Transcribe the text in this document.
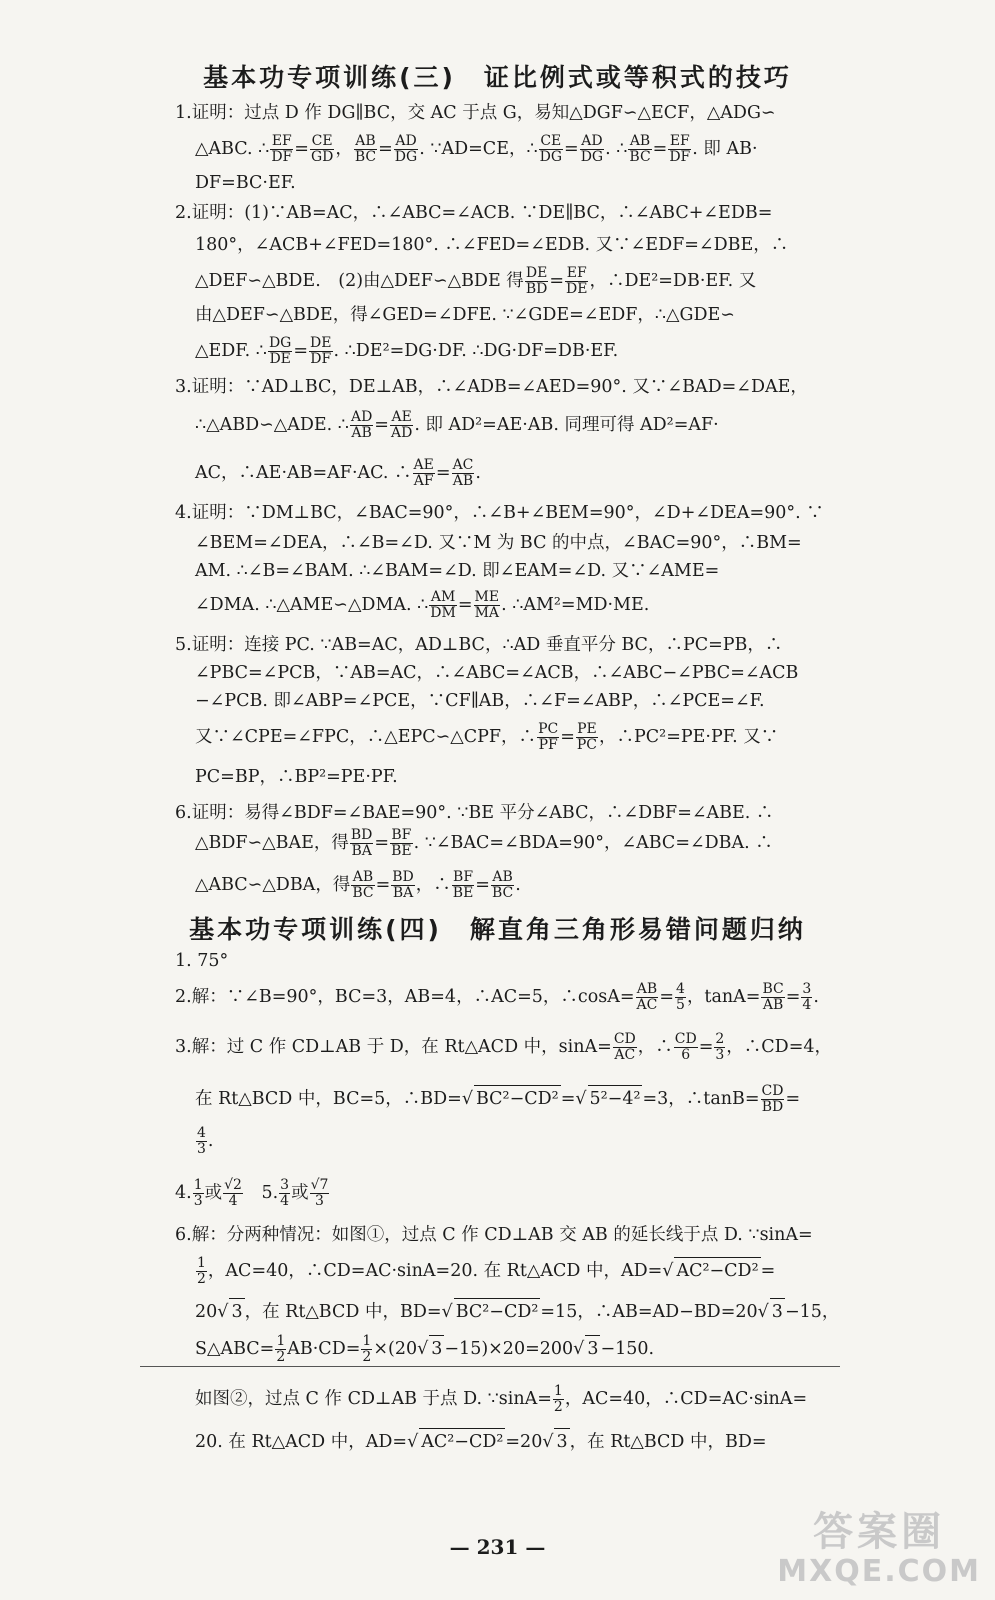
基本功专项训练(三)　证比例式或等积式的技巧
1.证明：过点 D 作 DG∥BC，交 AC 于点 G，易知△DGF∽△ECF，△ADG∽
△ABC. ∴ $\frac{EF}{DF} = \frac{CE}{GD}$ ， $\frac{AB}{BC} = \frac{AD}{DG}$ . ∵AD=CE，∴ $\frac{CE}{DG} = \frac{AD}{DG}$ . ∴ $\frac{AB}{BC} = \frac{EF}{DF}$ . 即 AB·
DF=BC·EF.
2.证明：(1)∵AB=AC，∴∠ABC=∠ACB. ∵DE∥BC，∴∠ABC+∠EDB=
180°，∠ACB+∠FED=180°. ∴∠FED=∠EDB. 又∵∠EDF=∠DBE，∴
△DEF∽△BDE.　(2)由△DEF∽△BDE 得 $\frac{DE}{BD} = \frac{EF}{DE}$ ，∴DE²=DB·EF. 又
由△DEF∽△BDE，得∠GED=∠DFE. ∵∠GDE=∠EDF，∴△GDE∽
△EDF. ∴ $\frac{DG}{DE} = \frac{DE}{DF}$ . ∴DE²=DG·DF. ∴DG·DF=DB·EF.
3.证明：∵AD⊥BC，DE⊥AB，∴∠ADB=∠AED=90°. 又∵∠BAD=∠DAE，
∴△ABD∽△ADE. ∴ $\frac{AD}{AB} = \frac{AE}{AD}$ . 即 AD²=AE·AB. 同理可得 AD²=AF·
AC，∴AE·AB=AF·AC. ∴ $\frac{AE}{AF} = \frac{AC}{AB}$ .
4.证明：∵DM⊥BC，∠BAC=90°，∴∠B+∠BEM=90°，∠D+∠DEA=90°. ∵
∠BEM=∠DEA，∴∠B=∠D. 又∵M 为 BC 的中点，∠BAC=90°，∴BM=
AM. ∴∠B=∠BAM. ∴∠BAM=∠D. 即∠EAM=∠D. 又∵∠AME=
∠DMA. ∴△AME∽△DMA. ∴ $\frac{AM}{DM} = \frac{ME}{MA}$ . ∴AM²=MD·ME.
5.证明：连接 PC. ∵AB=AC，AD⊥BC，∴AD 垂直平分 BC，∴PC=PB，∴
∠PBC=∠PCB，∵AB=AC，∴∠ABC=∠ACB，∴∠ABC−∠PBC=∠ACB
−∠PCB. 即∠ABP=∠PCE，∵CF∥AB，∴∠F=∠ABP，∴∠PCE=∠F.
又∵∠CPE=∠FPC，∴△EPC∽△CPF，∴ $\frac{PC}{PF} = \frac{PE}{PC}$ ，∴PC²=PE·PF. 又∵
PC=BP，∴BP²=PE·PF.
6.证明：易得∠BDF=∠BAE=90°. ∵BE 平分∠ABC，∴∠DBF=∠ABE. ∴
△BDF∽△BAE，得 $\frac{BD}{BA} = \frac{BF}{BE}$ . ∵∠BAC=∠BDA=90°，∠ABC=∠DBA. ∴
△ABC∽△DBA，得 $\frac{AB}{BC} = \frac{BD}{BA}$ ，∴ $\frac{BF}{BE} = \frac{AB}{BC}$ .
基本功专项训练(四)　解直角三角形易错问题归纳
1. 75°
2.解：∵∠B=90°，BC=3，AB=4，∴AC=5，∴cosA= $\frac{AB}{AC} = \frac{4}{5}$ ，$\tan A= \frac{BC}{AB} = \frac{3}{4}$ .
3.解：过 C 作 CD⊥AB 于 D，在 Rt△ACD 中，$\sin A= \frac{CD}{AC}$ ，∴ $\frac{CD}{6} = \frac{2}{3}$ ，∴CD=4，
在 Rt△BCD 中，BC=5，∴BD=√ BC²−CD² =√ 5²−4² =3，∴tanB= $\frac{CD}{BD}$ =
$\frac{4}{3}$ .
4. $\frac{1}{3}$ 或 $\frac{√2}{4}$
　 5. $\frac{3}{4}$ 或 $\frac{√7}{3}$
6.解：分两种情况：如图①，过点 C 作 CD⊥AB 交 AB 的延长线于点 D. ∵sinA=
$\frac{1}{2}$ ，AC=40，∴CD=AC·sinA=20. 在 Rt△ACD 中，AD=√ AC²−CD² =
20√ 3 ，在 Rt△BCD 中，BD=√ BC²−CD² =15，∴AB=AD−BD=20√ 3 −15，
S△ABC= $\frac{1}{2} AB\cdot CD= \frac{1}{2} \times(20√$ 3 −15)×20=200√ 3 −150.
如图②，过点 C 作 CD⊥AB 于点 D. ∵sinA= $\frac{1}{2}$ ，AC=40，∴CD=AC·sinA=
20. 在 Rt△ACD 中，AD=√ AC²−CD² =20√ 3 ，在 Rt△BCD 中，BD=
— 231 —	答案圈
MXQE.COM
